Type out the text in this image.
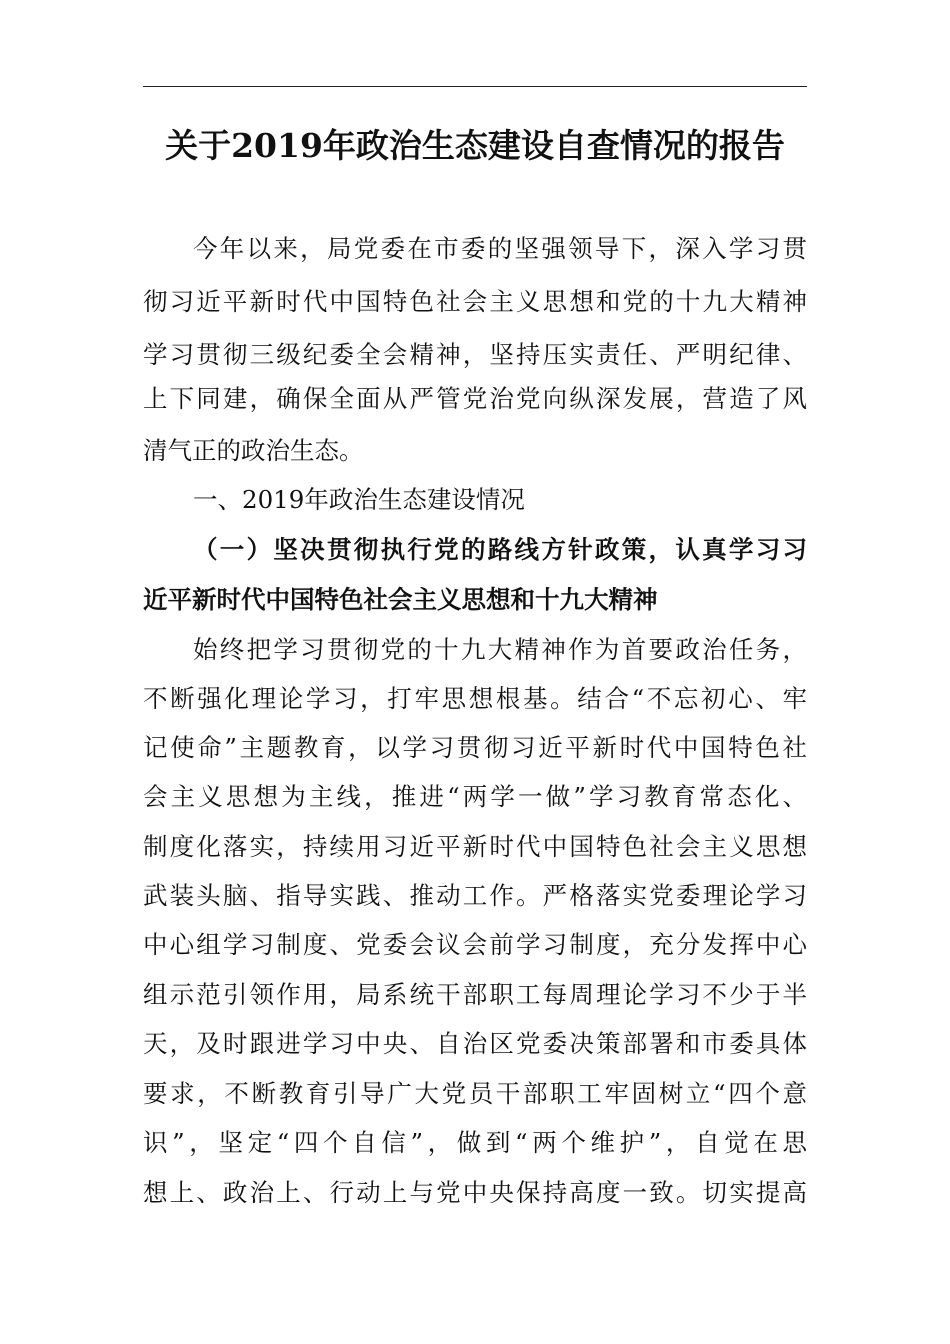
关于2019年政治生态建设自查情况的报告
今年以来，局党委在市委的坚强领导下，深入学习贯
彻习近平新时代中国特色社会主义思想和党的十九大精神
学习贯彻三级纪委全会精神，坚持压实责任、严明纪律、
上下同建，确保全面从严管党治党向纵深发展，营造了风
清气正的政治生态。
一、2019年政治生态建设情况
（一）坚决贯彻执行党的路线方针政策，认真学习习
近平新时代中国特色社会主义思想和十九大精神
始终把学习贯彻党的十九大精神作为首要政治任务，
不断强化理论学习，打牢思想根基。结合“不忘初心、牢
记使命”主题教育，以学习贯彻习近平新时代中国特色社
会主义思想为主线，推进“两学一做”学习教育常态化、
制度化落实，持续用习近平新时代中国特色社会主义思想
武装头脑、指导实践、推动工作。严格落实党委理论学习
中心组学习制度、党委会议会前学习制度，充分发挥中心
组示范引领作用，局系统干部职工每周理论学习不少于半
天，及时跟进学习中央、自治区党委决策部署和市委具体
要求，不断教育引导广大党员干部职工牢固树立“四个意
识”，坚定“四个自信”，做到“两个维护”，自觉在思
想上、政治上、行动上与党中央保持高度一致。切实提高
